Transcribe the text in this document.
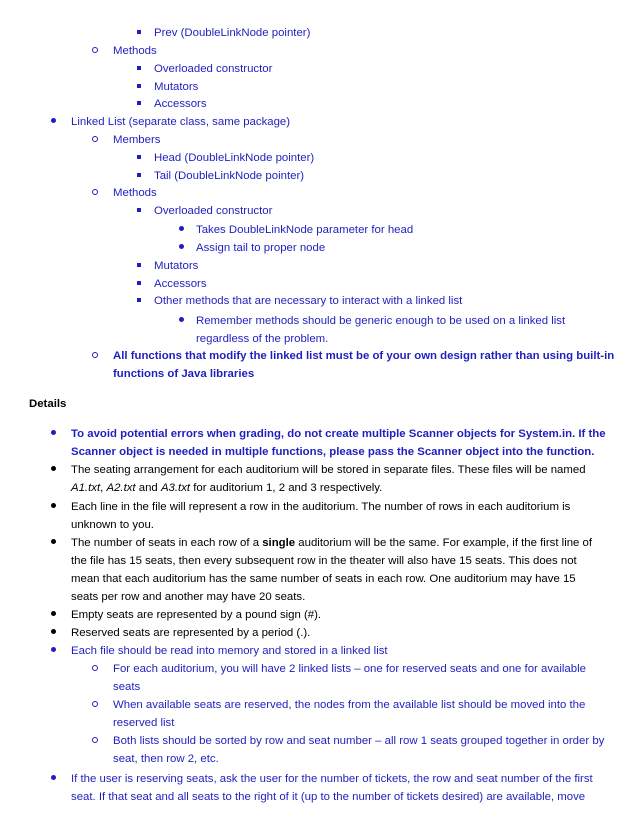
Prev (DoubleLinkNode pointer)
Methods
Overloaded constructor
Mutators
Accessors
Linked List (separate class, same package)
Members
Head (DoubleLinkNode pointer)
Tail (DoubleLinkNode pointer)
Methods
Overloaded constructor
Takes DoubleLinkNode parameter for head
Assign tail to proper node
Mutators
Accessors
Other methods that are necessary to interact with a linked list
Remember methods should be generic enough to be used on a linked list
regardless of the problem.
All functions that modify the linked list must be of your own design rather than using built-in
functions of Java libraries
Details
To avoid potential errors when grading, do not create multiple Scanner objects for System.in. If the
Scanner object is needed in multiple functions, please pass the Scanner object into the function.
The seating arrangement for each auditorium will be stored in separate files. These files will be named
A1.txt, A2.txt and A3.txt for auditorium 1, 2 and 3 respectively.
Each line in the file will represent a row in the auditorium. The number of rows in each auditorium is
unknown to you.
The number of seats in each row of a single auditorium will be the same. For example, if the first line of
the file has 15 seats, then every subsequent row in the theater will also have 15 seats. This does not
mean that each auditorium has the same number of seats in each row. One auditorium may have 15
seats per row and another may have 20 seats.
Empty seats are represented by a pound sign (#).
Reserved seats are represented by a period (.).
Each file should be read into memory and stored in a linked list
For each auditorium, you will have 2 linked lists – one for reserved seats and one for available
seats
When available seats are reserved, the nodes from the available list should be moved into the
reserved list
Both lists should be sorted by row and seat number – all row 1 seats grouped together in order by
seat, then row 2, etc.
If the user is reserving seats, ask the user for the number of tickets, the row and seat number of the first
seat. If that seat and all seats to the right of it (up to the number of tickets desired) are available, move
